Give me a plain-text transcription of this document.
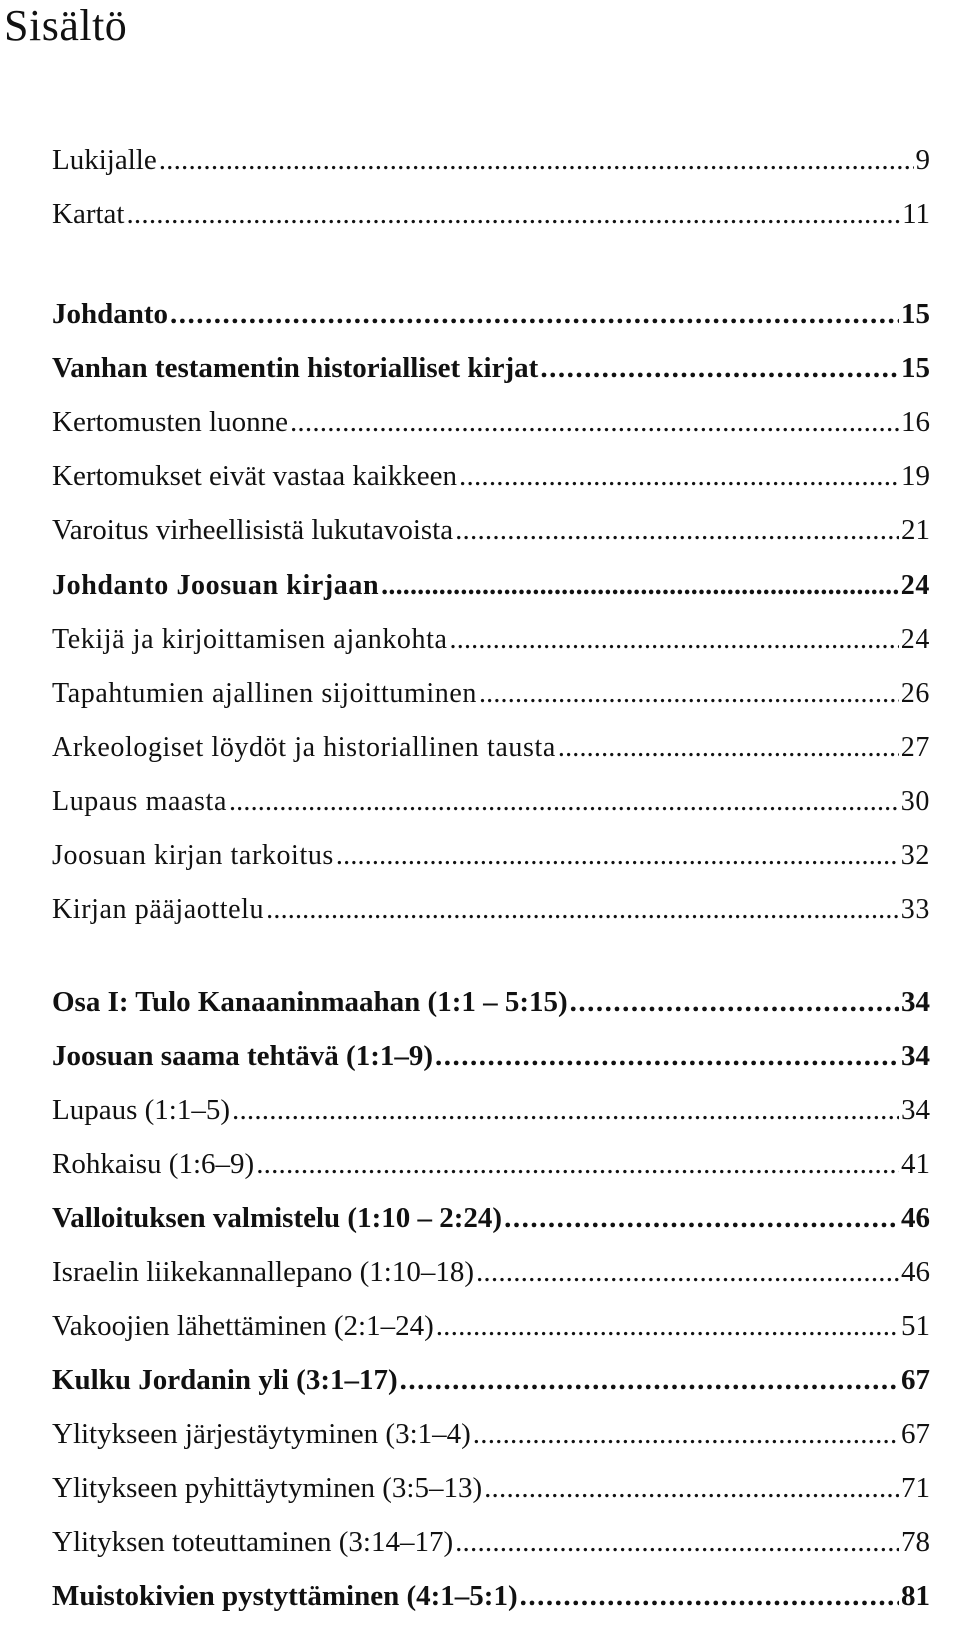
Sisältö
Lukijalle .....	9
Kartat .....	11
Johdanto .....	15
Vanhan testamentin historialliset kirjat .....	15
Kertomusten luonne .....	16
Kertomukset eivät vastaa kaikkeen .....	19
Varoitus virheellisistä lukutavoista .....	21
Johdanto Joosuan kirjaan .....	24
Tekijä ja kirjoittamisen ajankohta .....	24
Tapahtumien ajallinen sijoittuminen .....	26
Arkeologiset löydöt ja historiallinen tausta .....	27
Lupaus maasta .....	30
Joosuan kirjan tarkoitus .....	32
Kirjan pääjaottelu .....	33
Osa I: Tulo Kanaaninmaahan (1:1 – 5:15) .....	34
Joosuan saama tehtävä (1:1–9) .....	34
Lupaus (1:1–5) .....	34
Rohkaisu (1:6–9) .....	41
Valloituksen valmistelu (1:10 – 2:24) .....	46
Israelin liikekannallepano (1:10–18) .....	46
Vakoojien lähettäminen (2:1–24) .....	51
Kulku Jordanin yli (3:1–17) .....	67
Ylitykseen järjestäytyminen (3:1–4) .....	67
Ylitykseen pyhittäytyminen (3:5–13) .....	71
Ylityksen toteuttaminen (3:14–17) .....	78
Muistokivien pystyttäminen (4:1–5:1) .....	81
